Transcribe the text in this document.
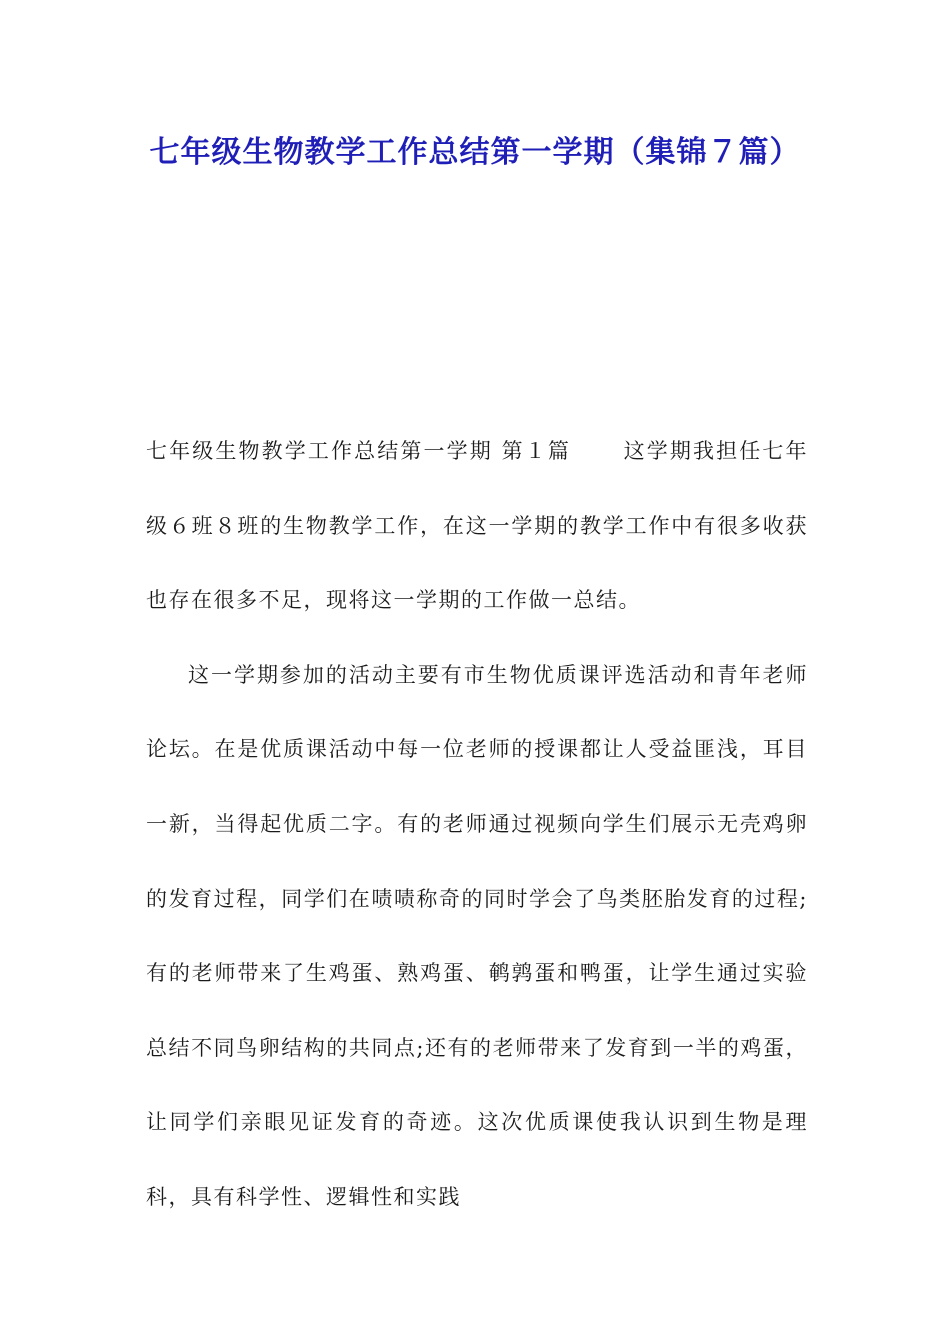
七年级生物教学工作总结第一学期（集锦７篇）

七年级生物教学工作总结第一学期 第１篇 这学期我担任七年级６班８班的生物教学工作，在这一学期的教学工作中有很多收获也存在很多不足，现将这一学期的工作做一总结。

这一学期参加的活动主要有市生物优质课评选活动和青年老师论坛。在是优质课活动中每一位老师的授课都让人受益匪浅，耳目一新，当得起优质二字。有的老师通过视频向学生们展示无壳鸡卵的发育过程，同学们在啧啧称奇的同时学会了鸟类胚胎发育的过程;有的老师带来了生鸡蛋、熟鸡蛋、鹌鹑蛋和鸭蛋，让学生通过实验总结不同鸟卵结构的共同点;还有的老师带来了发育到一半的鸡蛋，让同学们亲眼见证发育的奇迹。这次优质课使我认识到生物是理科，具有科学性、逻辑性和实践
